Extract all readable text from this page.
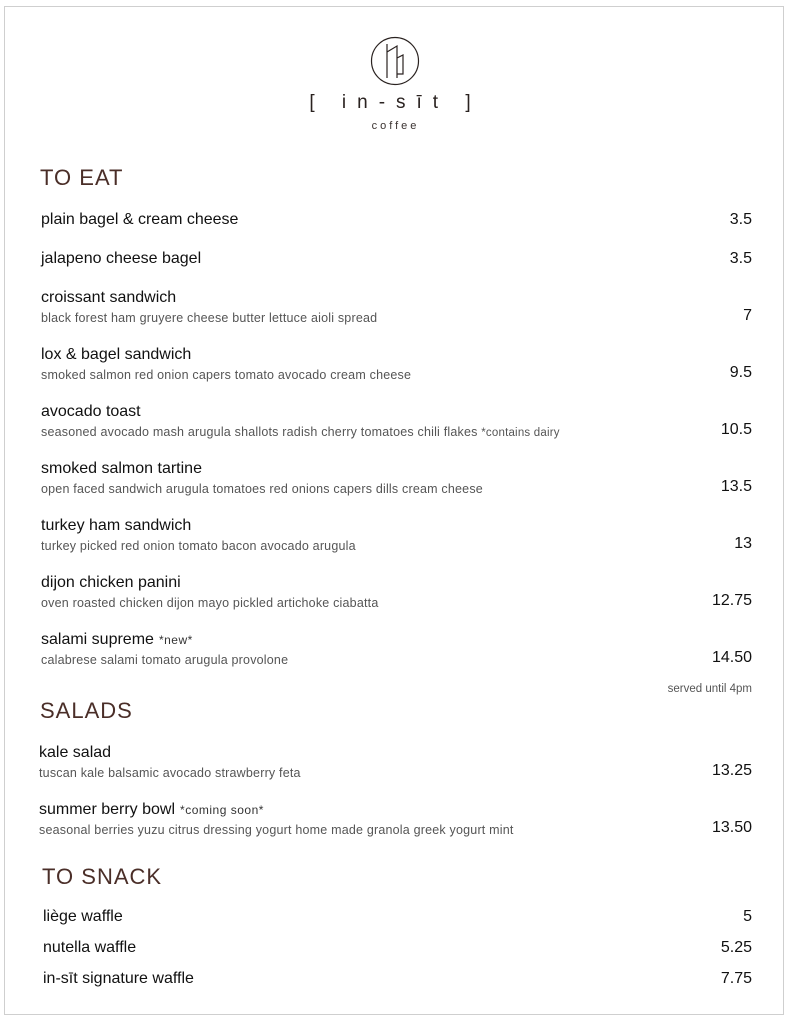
[ in-sīt ]
coffee
TO EAT
plain bagel & cream cheese	3.5
jalapeno cheese bagel	3.5
croissant sandwich
black forest ham gruyere cheese butter lettuce aioli spread	7
lox & bagel sandwich
smoked salmon red onion capers tomato avocado cream cheese	9.5
avocado toast
seasoned avocado mash arugula shallots radish cherry tomatoes chili flakes *contains dairy	10.5
smoked salmon tartine
open faced sandwich arugula tomatoes red onions capers dills cream cheese	13.5
turkey ham sandwich
turkey picked red onion tomato bacon avocado arugula	13
dijon chicken panini
oven roasted chicken dijon mayo pickled artichoke ciabatta	12.75
salami supreme *new*
calabrese salami tomato arugula provolone	14.50
served until 4pm
SALADS
kale salad
tuscan kale balsamic avocado strawberry feta	13.25
summer berry bowl *coming soon*
seasonal berries yuzu citrus dressing yogurt home made granola greek yogurt mint	13.50
TO SNACK
liège waffle	5
nutella waffle	5.25
in-sīt signature waffle	7.75
